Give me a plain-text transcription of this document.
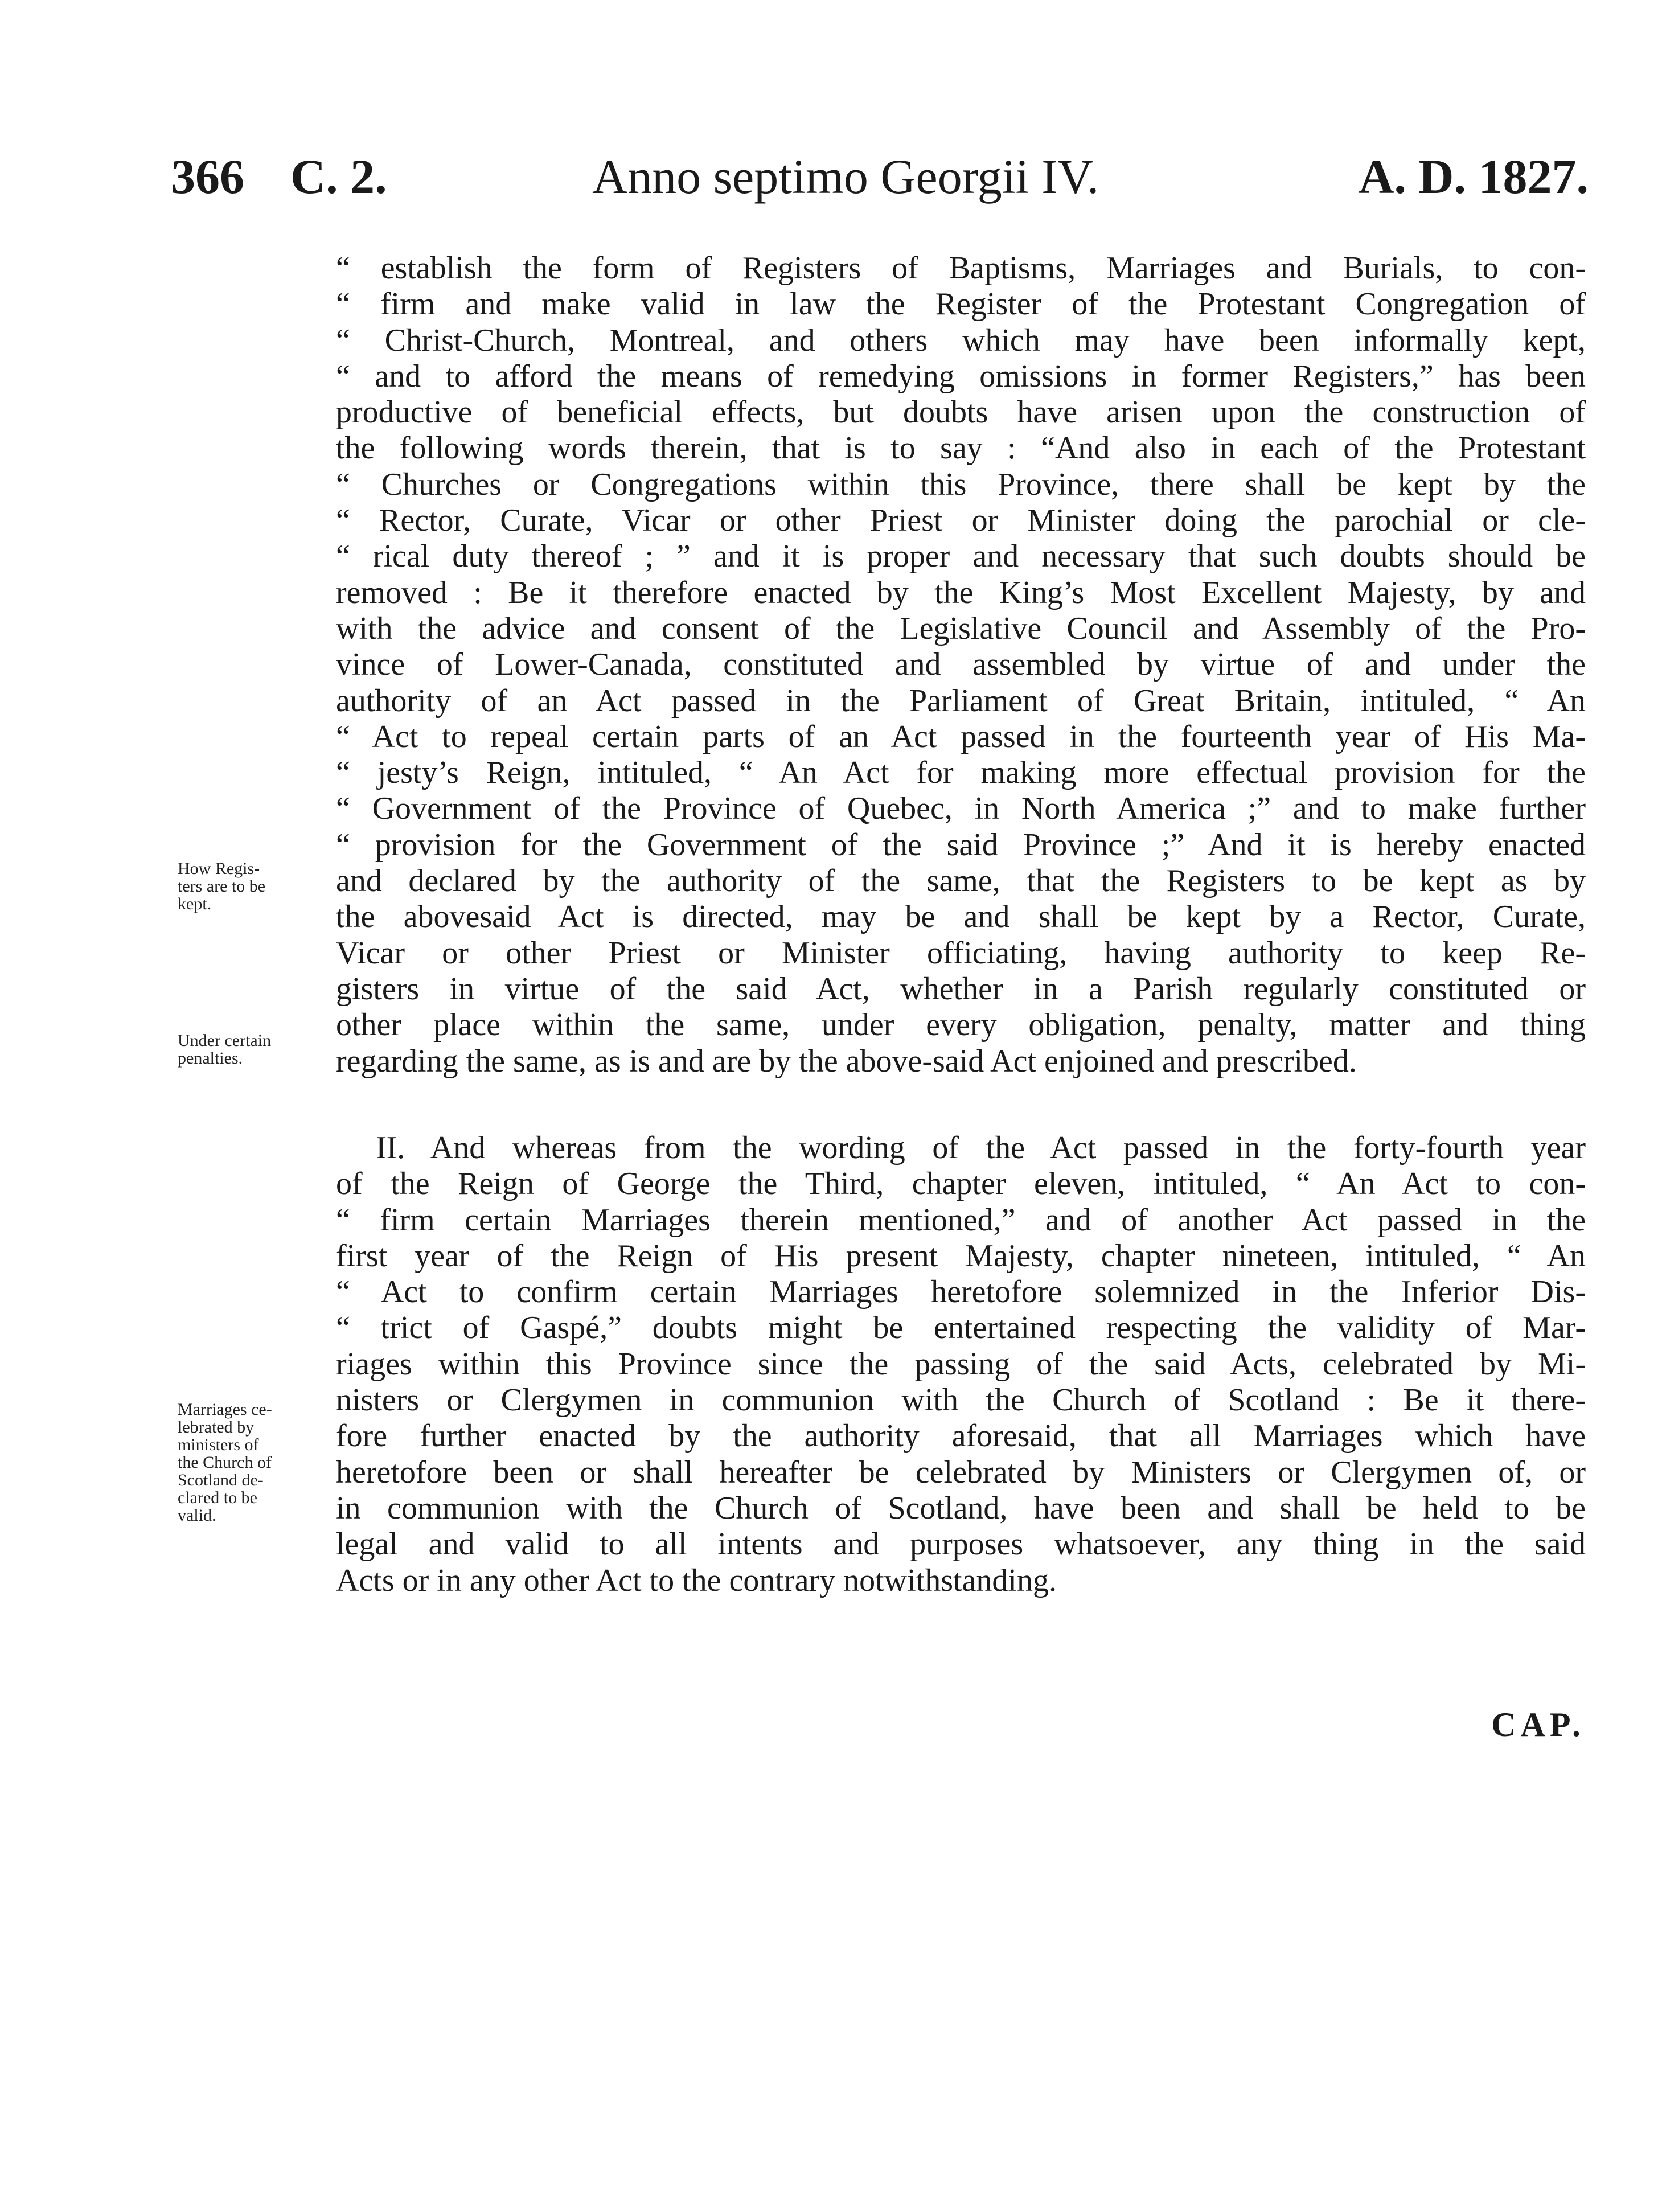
366 C. 2.	Anno septimo Georgii IV.	A. D. 1827.
“ establish the form of Registers of Baptisms, Marriages and Burials, to con-
“ firm and make valid in law the Register of the Protestant Congregation of
“ Christ-Church, Montreal, and others which may have been informally kept,
“ and to afford the means of remedying omissions in former Registers,” has been
productive of beneficial effects, but doubts have arisen upon the construction of
the following words therein, that is to say : “And also in each of the Protestant
“ Churches or Congregations within this Province, there shall be kept by the
“ Rector, Curate, Vicar or other Priest or Minister doing the parochial or cle-
“ rical duty thereof ; ” and it is proper and necessary that such doubts should be
removed : Be it therefore enacted by the King’s Most Excellent Majesty, by and
with the advice and consent of the Legislative Council and Assembly of the Pro-
vince of Lower-Canada, constituted and assembled by virtue of and under the
authority of an Act passed in the Parliament of Great Britain, intituled, “ An
“ Act to repeal certain parts of an Act passed in the fourteenth year of His Ma-
“ jesty’s Reign, intituled, “ An Act for making more effectual provision for the
“ Government of the Province of Quebec, in North America ;” and to make further
“ provision for the Government of the said Province ;” And it is hereby enacted
and declared by the authority of the same, that the Registers to be kept as by
the abovesaid Act is directed, may be and shall be kept by a Rector, Curate,
Vicar or other Priest or Minister officiating, having authority to keep Re-
gisters in virtue of the said Act, whether in a Parish regularly constituted or
other place within the same, under every obligation, penalty, matter and thing
regarding the same, as is and are by the above-said Act enjoined and prescribed.
How Regis-
ters are to be
kept.
Under certain
penalties.
II. And whereas from the wording of the Act passed in the forty-fourth year
of the Reign of George the Third, chapter eleven, intituled, “ An Act to con-
“ firm certain Marriages therein mentioned,” and of another Act passed in the
first year of the Reign of His present Majesty, chapter nineteen, intituled, “ An
“ Act to confirm certain Marriages heretofore solemnized in the Inferior Dis-
“ trict of Gaspé,” doubts might be entertained respecting the validity of Mar-
riages within this Province since the passing of the said Acts, celebrated by Mi-
nisters or Clergymen in communion with the Church of Scotland : Be it there-
fore further enacted by the authority aforesaid, that all Marriages which have
heretofore been or shall hereafter be celebrated by Ministers or Clergymen of, or
in communion with the Church of Scotland, have been and shall be held to be
legal and valid to all intents and purposes whatsoever, any thing in the said
Acts or in any other Act to the contrary notwithstanding.
Marriages ce-
lebrated by
ministers of
the Church of
Scotland de-
clared to be
valid.
CAP.
